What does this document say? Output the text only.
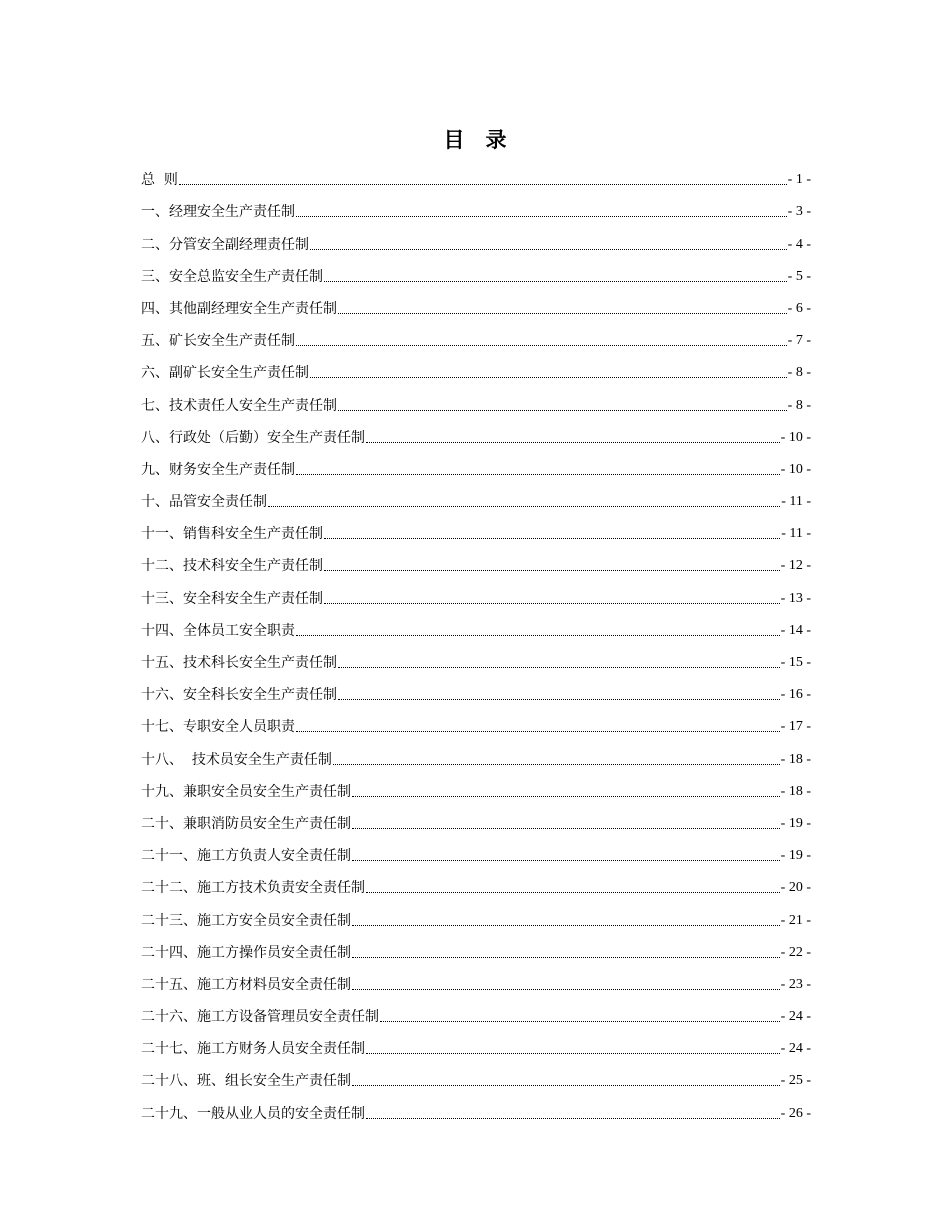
目　录
总  则	- 1 -
一、经理安全生产责任制	- 3 -
二、分管安全副经理责任制	- 4 -
三、安全总监安全生产责任制	- 5 -
四、其他副经理安全生产责任制	- 6 -
五、矿长安全生产责任制	- 7 -
六、副矿长安全生产责任制	- 8 -
七、技术责任人安全生产责任制	- 8 -
八、行政处（后勤）安全生产责任制	- 10 -
九、财务安全生产责任制	- 10 -
十、品管安全责任制	- 11 -
十一、销售科安全生产责任制	- 11 -
十二、技术科安全生产责任制	- 12 -
十三、安全科安全生产责任制	- 13 -
十四、全体员工安全职责	- 14 -
十五、技术科长安全生产责任制	- 15 -
十六、安全科长安全生产责任制	- 16 -
十七、专职安全人员职责	- 17 -
十八、  技术员安全生产责任制	- 18 -
十九、兼职安全员安全生产责任制	- 18 -
二十、兼职消防员安全生产责任制	- 19 -
二十一、施工方负责人安全责任制	- 19 -
二十二、施工方技术负责安全责任制	- 20 -
二十三、施工方安全员安全责任制	- 21 -
二十四、施工方操作员安全责任制	- 22 -
二十五、施工方材料员安全责任制	- 23 -
二十六、施工方设备管理员安全责任制	- 24 -
二十七、施工方财务人员安全责任制	- 24 -
二十八、班、组长安全生产责任制	- 25 -
二十九、一般从业人员的安全责任制	- 26 -
